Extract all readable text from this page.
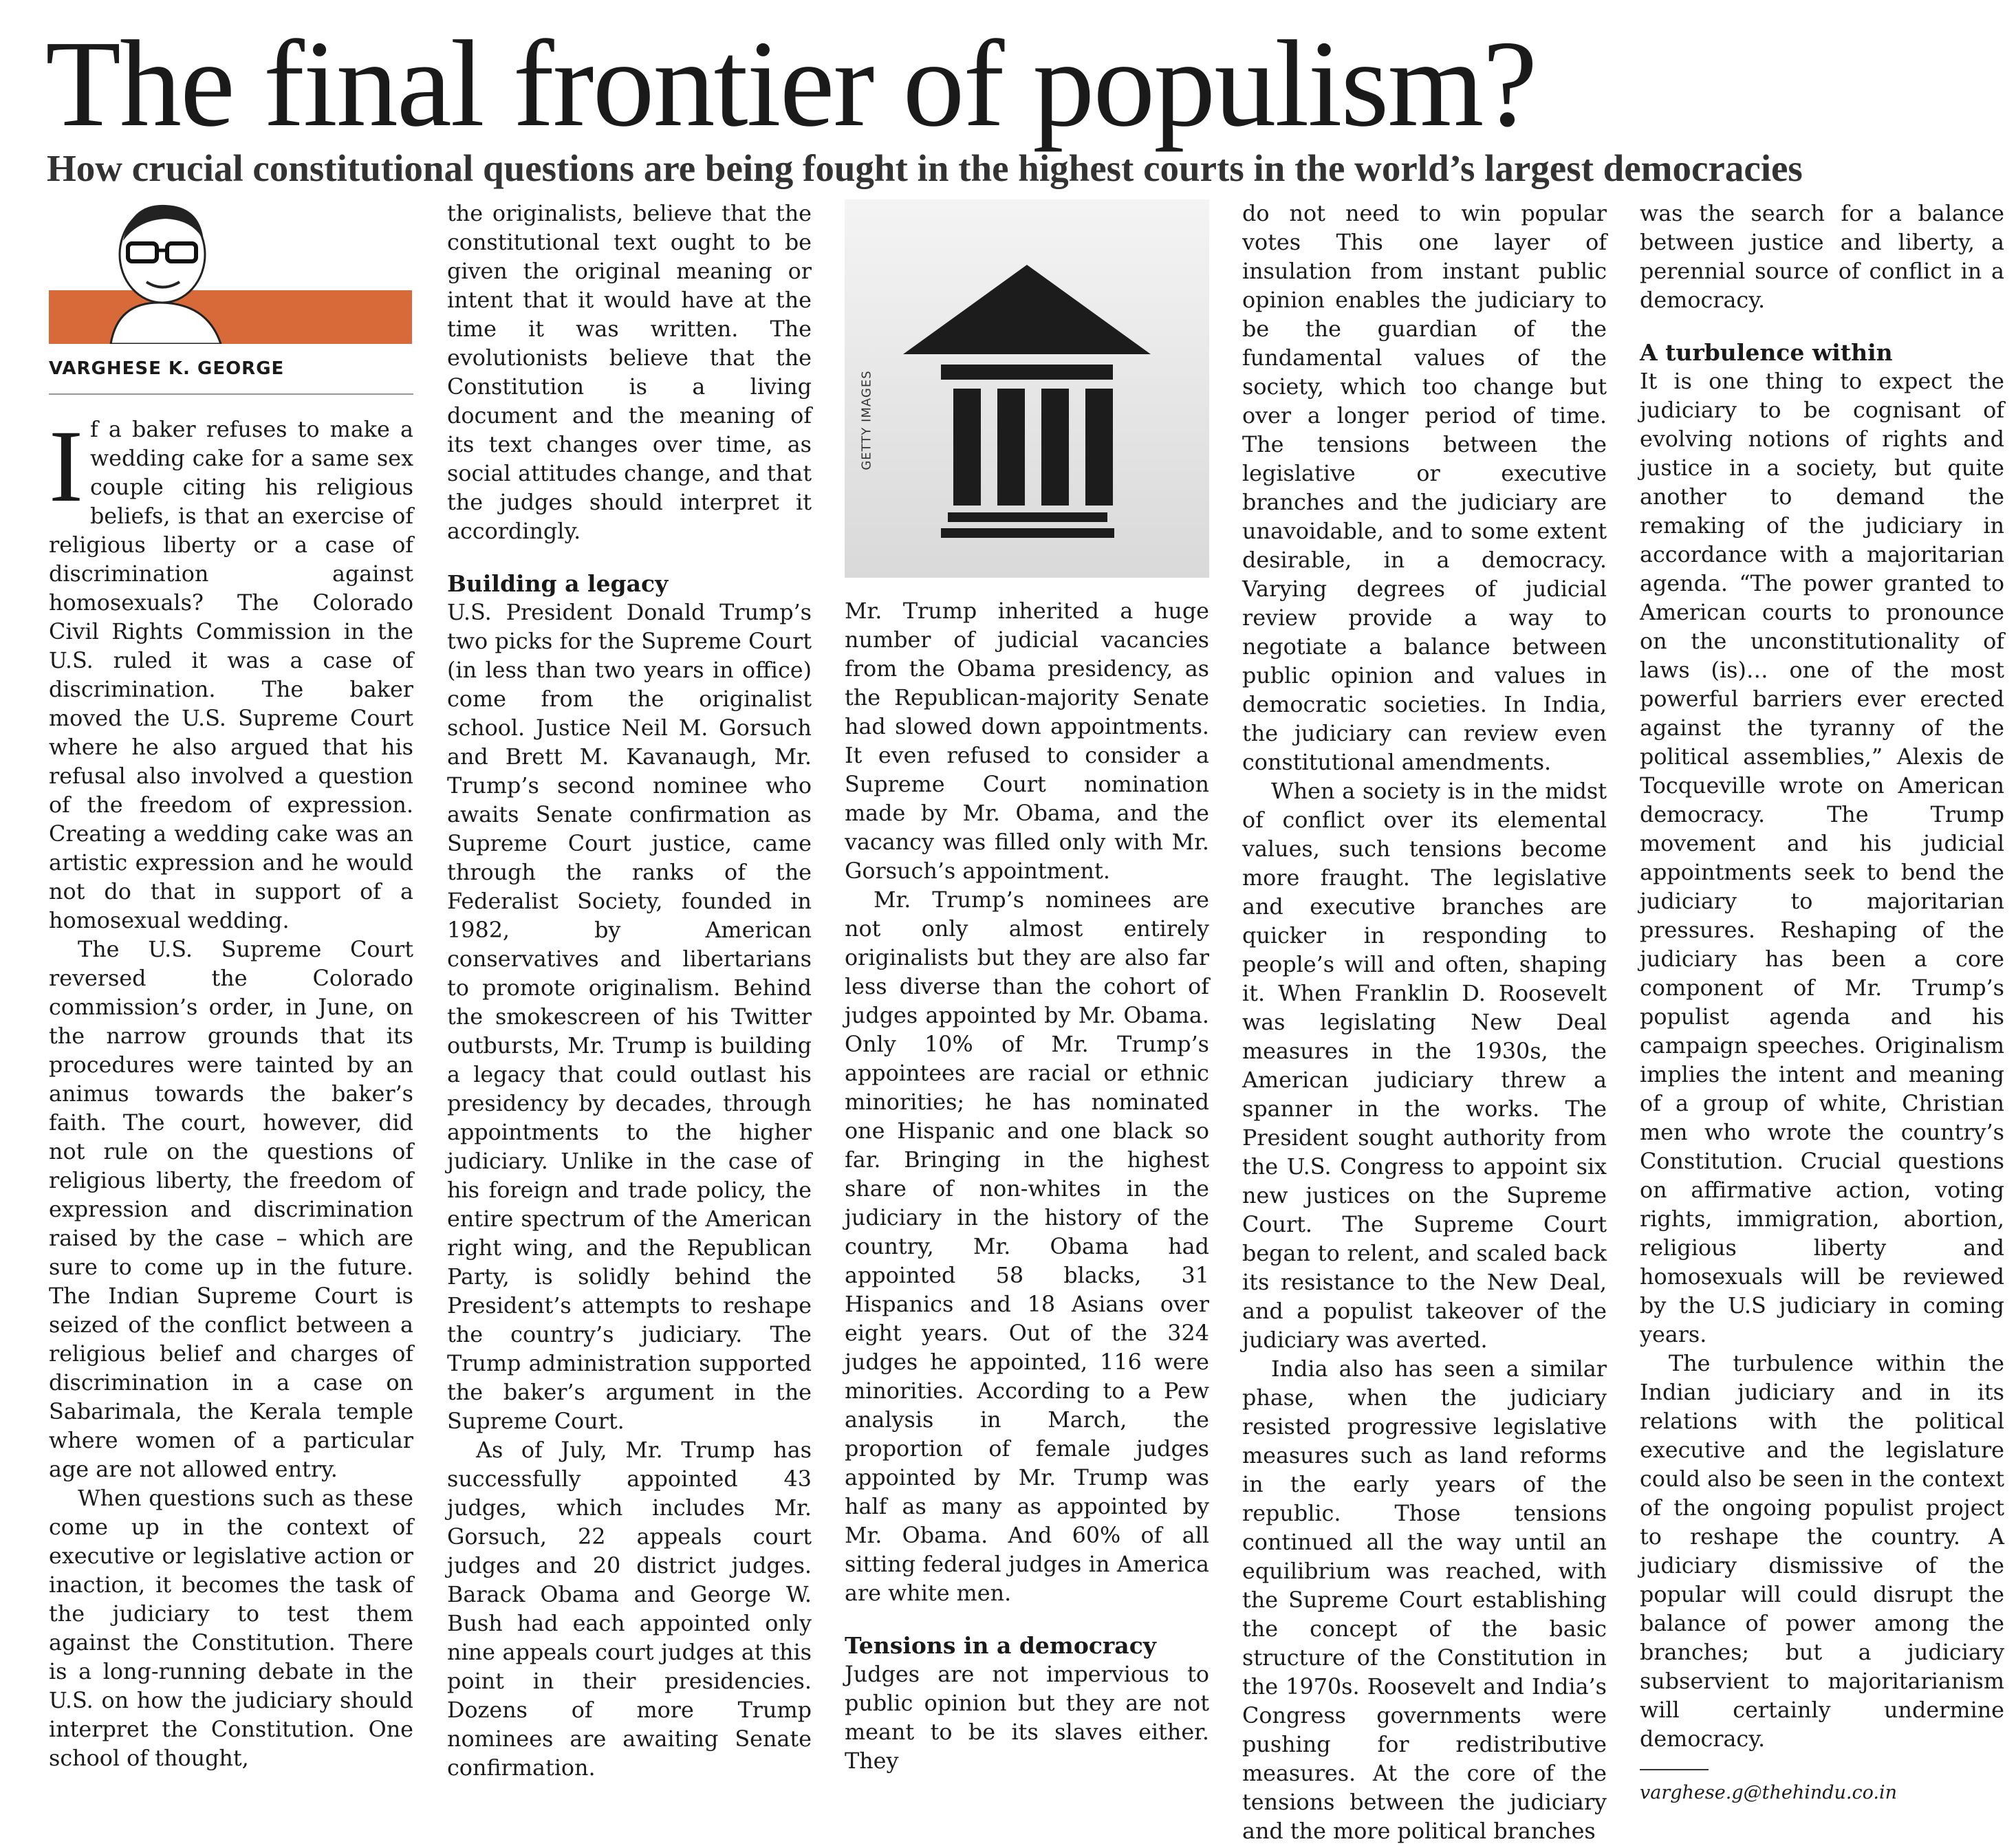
The final frontier of populism?
How crucial constitutional questions are being fought in the highest courts in the world’s largest democracies
VARGHESE K. GEORGE

If a baker refuses to make a wedding cake for a same sex couple citing his religious beliefs, is that an exercise of religious liberty or a case of discrimination against homosexuals? The Colorado Civil Rights Commission in the U.S. ruled it was a case of discrimination. The baker moved the U.S. Supreme Court where he also argued that his refusal also involved a question of the freedom of expression. Creating a wedding cake was an artistic expression and he would not do that in support of a homosexual wedding.

The U.S. Supreme Court reversed the Colorado commission’s order, in June, on the narrow grounds that its procedures were tainted by an animus towards the baker’s faith. The court, however, did not rule on the questions of religious liberty, the freedom of expression and discrimination raised by the case – which are sure to come up in the future. The Indian Supreme Court is seized of the conflict between a religious belief and charges of discrimination in a case on Sabarimala, the Kerala temple where women of a particular age are not allowed entry.

When questions such as these come up in the context of executive or legislative action or inaction, it becomes the task of the judiciary to test them against the Constitution. There is a long-running debate in the U.S. on how the judiciary should interpret the Constitution. One school of thought,

the originalists, believe that the constitutional text ought to be given the original meaning or intent that it would have at the time it was written. The evolutionists believe that the Constitution is a living document and the meaning of its text changes over time, as social attitudes change, and that the judges should interpret it accordingly.

Building a legacy

U.S. President Donald Trump’s two picks for the Supreme Court (in less than two years in office) come from the originalist school. Justice Neil M. Gorsuch and Brett M. Kavanaugh, Mr. Trump’s second nominee who awaits Senate confirmation as Supreme Court justice, came through the ranks of the Federalist Society, founded in 1982, by American conservatives and libertarians to promote originalism. Behind the smokescreen of his Twitter outbursts, Mr. Trump is building a legacy that could outlast his presidency by decades, through appointments to the higher judiciary. Unlike in the case of his foreign and trade policy, the entire spectrum of the American right wing, and the Republican Party, is solidly behind the President’s attempts to reshape the country’s judiciary. The Trump administration supported the baker’s argument in the Supreme Court.

As of July, Mr. Trump has successfully appointed 43 judges, which includes Mr. Gorsuch, 22 appeals court judges and 20 district judges. Barack Obama and George W. Bush had each appointed only nine appeals court judges at this point in their presidencies. Dozens of more Trump nominees are awaiting Senate confirmation.

GETTY IMAGES

Mr. Trump inherited a huge number of judicial vacancies from the Obama presidency, as the Republican-majority Senate had slowed down appointments. It even refused to consider a Supreme Court nomination made by Mr. Obama, and the vacancy was filled only with Mr. Gorsuch’s appointment.

Mr. Trump’s nominees are not only almost entirely originalists but they are also far less diverse than the cohort of judges appointed by Mr. Obama. Only 10% of Mr. Trump’s appointees are racial or ethnic minorities; he has nominated one Hispanic and one black so far. Bringing in the highest share of non-whites in the judiciary in the history of the country, Mr. Obama had appointed 58 blacks, 31 Hispanics and 18 Asians over eight years. Out of the 324 judges he appointed, 116 were minorities. According to a Pew analysis in March, the proportion of female judges appointed by Mr. Trump was half as many as appointed by Mr. Obama. And 60% of all sitting federal judges in America are white men.

Tensions in a democracy

Judges are not impervious to public opinion but they are not meant to be its slaves either. They

do not need to win popular votes This one layer of insulation from instant public opinion enables the judiciary to be the guardian of the fundamental values of the society, which too change but over a longer period of time. The tensions between the legislative or executive branches and the judiciary are unavoidable, and to some extent desirable, in a democracy. Varying degrees of judicial review provide a way to negotiate a balance between public opinion and values in democratic societies. In India, the judiciary can review even constitutional amendments.

When a society is in the midst of conflict over its elemental values, such tensions become more fraught. The legislative and executive branches are quicker in responding to people’s will and often, shaping it. When Franklin D. Roosevelt was legislating New Deal measures in the 1930s, the American judiciary threw a spanner in the works. The President sought authority from the U.S. Congress to appoint six new justices on the Supreme Court. The Supreme Court began to relent, and scaled back its resistance to the New Deal, and a populist takeover of the judiciary was averted.

India also has seen a similar phase, when the judiciary resisted progressive legislative measures such as land reforms in the early years of the republic. Those tensions continued all the way until an equilibrium was reached, with the Supreme Court establishing the concept of the basic structure of the Constitution in the 1970s. Roosevelt and India’s Congress governments were pushing for redistributive measures. At the core of the tensions between the judiciary and the more political branches

was the search for a balance between justice and liberty, a perennial source of conflict in a democracy.

A turbulence within

It is one thing to expect the judiciary to be cognisant of evolving notions of rights and justice in a society, but quite another to demand the remaking of the judiciary in accordance with a majoritarian agenda. “The power granted to American courts to pronounce on the unconstitutionality of laws (is)… one of the most powerful barriers ever erected against the tyranny of the political assemblies,” Alexis de Tocqueville wrote on American democracy. The Trump movement and his judicial appointments seek to bend the judiciary to majoritarian pressures. Reshaping of the judiciary has been a core component of Mr. Trump’s populist agenda and his campaign speeches. Originalism implies the intent and meaning of a group of white, Christian men who wrote the country’s Constitution. Crucial questions on affirmative action, voting rights, immigration, abortion, religious liberty and homosexuals will be reviewed by the U.S judiciary in coming years.

The turbulence within the Indian judiciary and in its relations with the political executive and the legislature could also be seen in the context of the ongoing populist project to reshape the country. A judiciary dismissive of the popular will could disrupt the balance of power among the branches; but a judiciary subservient to majoritarianism will certainly undermine democracy.

varghese.g@thehindu.co.in
